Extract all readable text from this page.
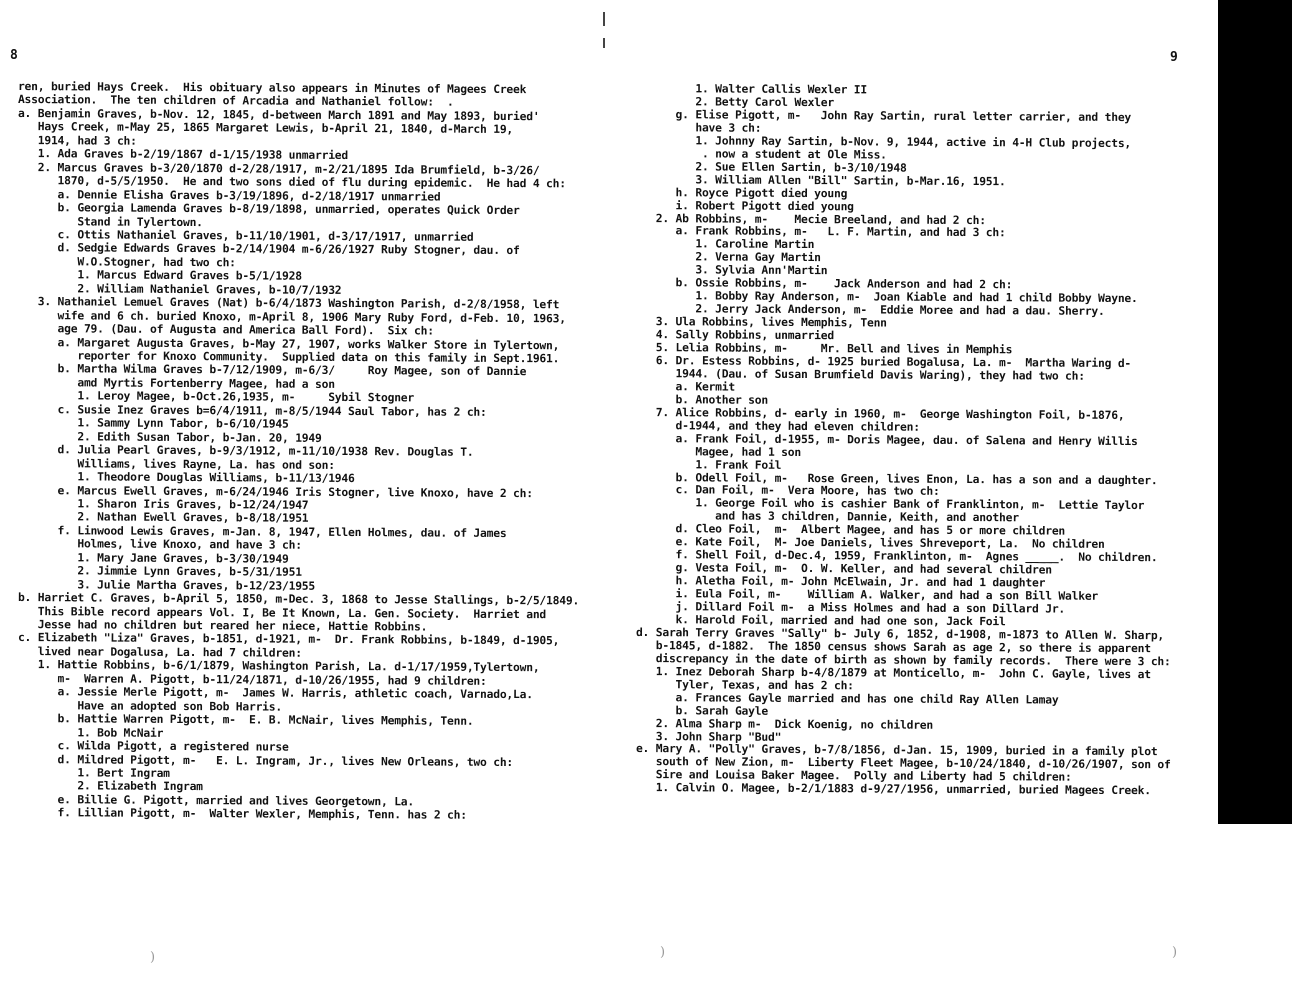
8	9
ren, buried Hays Creek.  His obituary also appears in Minutes of Magees Creek
Association.  The ten children of Arcadia and Nathaniel follow:  .
a. Benjamin Graves, b-Nov. 12, 1845, d-between March 1891 and May 1893, buried'
Hays Creek, m-May 25, 1865 Margaret Lewis, b-April 21, 1840, d-March 19,
1914, had 3 ch:
1. Ada Graves b-2/19/1867 d-1/15/1938 unmarried
2. Marcus Graves b-3/20/1870 d-2/28/1917, m-2/21/1895 Ida Brumfield, b-3/26/
1870, d-5/5/1950.  He and two sons died of flu during epidemic.  He had 4 ch:
a. Dennie Elisha Graves b-3/19/1896, d-2/18/1917 unmarried
b. Georgia Lamenda Graves b-8/19/1898, unmarried, operates Quick Order
Stand in Tylertown.
c. Ottis Nathaniel Graves, b-11/10/1901, d-3/17/1917, unmarried
d. Sedgie Edwards Graves b-2/14/1904 m-6/26/1927 Ruby Stogner, dau. of
W.O.Stogner, had two ch:
1. Marcus Edward Graves b-5/1/1928
2. William Nathaniel Graves, b-10/7/1932
3. Nathaniel Lemuel Graves (Nat) b-6/4/1873 Washington Parish, d-2/8/1958, left
wife and 6 ch. buried Knoxo, m-April 8, 1906 Mary Ruby Ford, d-Feb. 10, 1963,
age 79. (Dau. of Augusta and America Ball Ford).  Six ch:
a. Margaret Augusta Graves, b-May 27, 1907, works Walker Store in Tylertown,
reporter for Knoxo Community.  Supplied data on this family in Sept.1961.
b. Martha Wilma Graves b-7/12/1909, m-6/3/     Roy Magee, son of Dannie
amd Myrtis Fortenberry Magee, had a son
1. Leroy Magee, b-Oct.26,1935, m-     Sybil Stogner
c. Susie Inez Graves b=6/4/1911, m-8/5/1944 Saul Tabor, has 2 ch:
1. Sammy Lynn Tabor, b-6/10/1945
2. Edith Susan Tabor, b-Jan. 20, 1949
d. Julia Pearl Graves, b-9/3/1912, m-11/10/1938 Rev. Douglas T.
Williams, lives Rayne, La. has ond son:
1. Theodore Douglas Williams, b-11/13/1946
e. Marcus Ewell Graves, m-6/24/1946 Iris Stogner, live Knoxo, have 2 ch:
1. Sharon Iris Graves, b-12/24/1947
2. Nathan Ewell Graves, b-8/18/1951
f. Linwood Lewis Graves, m-Jan. 8, 1947, Ellen Holmes, dau. of James
Holmes, live Knoxo, and have 3 ch:
1. Mary Jane Graves, b-3/30/1949
2. Jimmie Lynn Graves, b-5/31/1951
3. Julie Martha Graves, b-12/23/1955
b. Harriet C. Graves, b-April 5, 1850, m-Dec. 3, 1868 to Jesse Stallings, b-2/5/1849.
This Bible record appears Vol. I, Be It Known, La. Gen. Society.  Harriet and
Jesse had no children but reared her niece, Hattie Robbins.
c. Elizabeth "Liza" Graves, b-1851, d-1921, m-  Dr. Frank Robbins, b-1849, d-1905,
lived near Dogalusa, La. had 7 children:
1. Hattie Robbins, b-6/1/1879, Washington Parish, La. d-1/17/1959,Tylertown,
m-  Warren A. Pigott, b-11/24/1871, d-10/26/1955, had 9 children:
a. Jessie Merle Pigott, m-  James W. Harris, athletic coach, Varnado,La.
Have an adopted son Bob Harris.
b. Hattie Warren Pigott, m-  E. B. McNair, lives Memphis, Tenn.
1. Bob McNair
c. Wilda Pigott, a registered nurse
d. Mildred Pigott, m-   E. L. Ingram, Jr., lives New Orleans, two ch:
1. Bert Ingram
2. Elizabeth Ingram
e. Billie G. Pigott, married and lives Georgetown, La.
f. Lillian Pigott, m-  Walter Wexler, Memphis, Tenn. has 2 ch:
1. Walter Callis Wexler II
2. Betty Carol Wexler
g. Elise Pigott, m-   John Ray Sartin, rural letter carrier, and they
have 3 ch:
1. Johnny Ray Sartin, b-Nov. 9, 1944, active in 4-H Club projects,
. now a student at Ole Miss.
2. Sue Ellen Sartin, b-3/10/1948
3. William Allen "Bill" Sartin, b-Mar.16, 1951.
h. Royce Pigott died young
i. Robert Pigott died young
2. Ab Robbins, m-    Mecie Breeland, and had 2 ch:
a. Frank Robbins, m-   L. F. Martin, and had 3 ch:
1. Caroline Martin
2. Verna Gay Martin
3. Sylvia Ann'Martin
b. Ossie Robbins, m-    Jack Anderson and had 2 ch:
1. Bobby Ray Anderson, m-  Joan Kiable and had 1 child Bobby Wayne.
2. Jerry Jack Anderson, m-  Eddie Moree and had a dau. Sherry.
3. Ula Robbins, lives Memphis, Tenn
4. Sally Robbins, unmarried
5. Lelia Robbins, m-     Mr. Bell and lives in Memphis
6. Dr. Estess Robbins, d- 1925 buried Bogalusa, La. m-  Martha Waring d-
1944. (Dau. of Susan Brumfield Davis Waring), they had two ch:
a. Kermit
b. Another son
7. Alice Robbins, d- early in 1960, m-  George Washington Foil, b-1876,
d-1944, and they had eleven children:
a. Frank Foil, d-1955, m- Doris Magee, dau. of Salena and Henry Willis
Magee, had 1 son
1. Frank Foil
b. Odell Foil, m-   Rose Green, lives Enon, La. has a son and a daughter.
c. Dan Foil, m-  Vera Moore, has two ch:
1. George Foil who is cashier Bank of Franklinton, m-  Lettie Taylor
and has 3 children, Dannie, Keith, and another
d. Cleo Foil,  m-  Albert Magee, and has 5 or more children
e. Kate Foil,  M- Joe Daniels, lives Shreveport, La.  No children
f. Shell Foil, d-Dec.4, 1959, Franklinton, m-  Agnes _____.  No children.
g. Vesta Foil, m-  O. W. Keller, and had several children
h. Aletha Foil, m- John McElwain, Jr. and had 1 daughter
i. Eula Foil, m-    William A. Walker, and had a son Bill Walker
j. Dillard Foil m-  a Miss Holmes and had a son Dillard Jr.
k. Harold Foil, married and had one son, Jack Foil
d. Sarah Terry Graves "Sally" b- July 6, 1852, d-1908, m-1873 to Allen W. Sharp,
b-1845, d-1882.  The 1850 census shows Sarah as age 2, so there is apparent
discrepancy in the date of birth as shown by family records.  There were 3 ch:
1. Inez Deborah Sharp b-4/8/1879 at Monticello, m-  John C. Gayle, lives at
Tyler, Texas, and has 2 ch:
a. Frances Gayle married and has one child Ray Allen Lamay
b. Sarah Gayle
2. Alma Sharp m-  Dick Koenig, no children
3. John Sharp "Bud"
e. Mary A. "Polly" Graves, b-7/8/1856, d-Jan. 15, 1909, buried in a family plot
south of New Zion, m-  Liberty Fleet Magee, b-10/24/1840, d-10/26/1907, son of
Sire and Louisa Baker Magee.  Polly and Liberty had 5 children:
1. Calvin O. Magee, b-2/1/1883 d-9/27/1956, unmarried, buried Magees Creek.
)	)	)
